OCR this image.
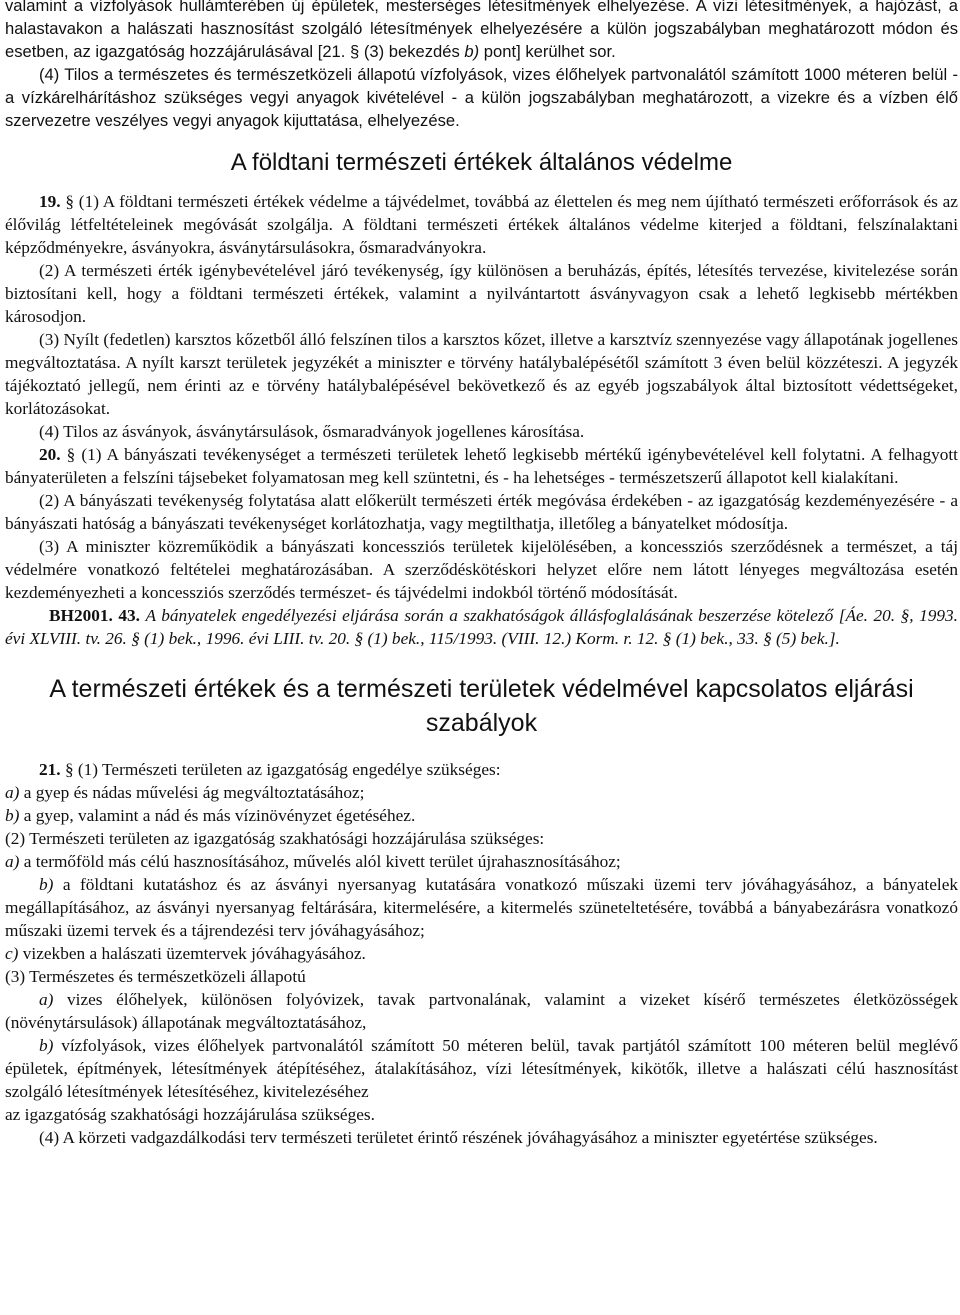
valamint a vízfolyások hullámterében új épületek, mesterséges létesítmények elhelyezése. A vízi létesítmények, a hajózást, a halastavakon a halászati hasznosítást szolgáló létesítmények elhelyezésére a külön jogszabályban meghatározott módon és esetben, az igazgatóság hozzájárulásával [21. § (3) bekezdés b) pont] kerülhet sor.

(4) Tilos a természetes és természetközeli állapotú vízfolyások, vizes élőhelyek partvonalától számított 1000 méteren belül - a vízkárelhárításhoz szükséges vegyi anyagok kivételével - a külön jogszabályban meghatározott, a vizekre és a vízben élő szervezetre veszélyes vegyi anyagok kijuttatása, elhelyezése.

A földtani természeti értékek általános védelme

19. § (1) A földtani természeti értékek védelme a tájvédelmet, továbbá az élettelen és meg nem újítható természeti erőforrások és az élővilág létfeltételeinek megóvását szolgálja. A földtani természeti értékek általános védelme kiterjed a földtani, felszínalaktani képződményekre, ásványokra, ásványtársulásokra, ősmaradványokra.

(2) A természeti érték igénybevételével járó tevékenység, így különösen a beruházás, építés, létesítés tervezése, kivitelezése során biztosítani kell, hogy a földtani természeti értékek, valamint a nyilvántartott ásványvagyon csak a lehető legkisebb mértékben károsodjon.

(3) Nyílt (fedetlen) karsztos kőzetből álló felszínen tilos a karsztos kőzet, illetve a karsztvíz szennyezése vagy állapotának jogellenes megváltoztatása. A nyílt karszt területek jegyzékét a miniszter e törvény hatálybalépésétől számított 3 éven belül közzéteszi. A jegyzék tájékoztató jellegű, nem érinti az e törvény hatálybalépésével bekövetkező és az egyéb jogszabályok által biztosított védettségeket, korlátozásokat.

(4) Tilos az ásványok, ásványtársulások, ősmaradványok jogellenes károsítása.

20. § (1) A bányászati tevékenységet a természeti területek lehető legkisebb mértékű igénybevételével kell folytatni. A felhagyott bányaterületen a felszíni tájsebeket folyamatosan meg kell szüntetni, és - ha lehetséges - természetszerű állapotot kell kialakítani.

(2) A bányászati tevékenység folytatása alatt előkerült természeti érték megóvása érdekében - az igazgatóság kezdeményezésére - a bányászati hatóság a bányászati tevékenységet korlátozhatja, vagy megtilthatja, illetőleg a bányatelket módosítja.

(3) A miniszter közreműködik a bányászati koncessziós területek kijelölésében, a koncessziós szerződésnek a természet, a táj védelmére vonatkozó feltételei meghatározásában. A szerződéskötéskori helyzet előre nem látott lényeges megváltozása esetén kezdeményezheti a koncessziós szerződés természet- és tájvédelmi indokból történő módosítását.

BH2001. 43. A bányatelek engedélyezési eljárása során a szakhatóságok állásfoglalásának beszerzése kötelező [Áe. 20. §, 1993. évi XLVIII. tv. 26. § (1) bek., 1996. évi LIII. tv. 20. § (1) bek., 115/1993. (VIII. 12.) Korm. r. 12. § (1) bek., 33. § (5) bek.].

A természeti értékek és a természeti területek védelmével kapcsolatos eljárási szabályok

21. § (1) Természeti területen az igazgatóság engedélye szükséges:

a) a gyep és nádas művelési ág megváltoztatásához;

b) a gyep, valamint a nád és más vízinövényzet égetéséhez.

(2) Természeti területen az igazgatóság szakhatósági hozzájárulása szükséges:

a) a termőföld más célú hasznosításához, művelés alól kivett terület újrahasznosításához;

b) a földtani kutatáshoz és az ásványi nyersanyag kutatására vonatkozó műszaki üzemi terv jóváhagyásához, a bányatelek megállapításához, az ásványi nyersanyag feltárására, kitermelésére, a kitermelés szüneteltetésére, továbbá a bányabezárásra vonatkozó műszaki üzemi tervek és a tájrendezési terv jóváhagyásához;

c) vizekben a halászati üzemtervek jóváhagyásához.

(3) Természetes és természetközeli állapotú

a) vizes élőhelyek, különösen folyóvizek, tavak partvonalának, valamint a vizeket kísérő természetes életközösségek (növénytársulások) állapotának megváltoztatásához,

b) vízfolyások, vizes élőhelyek partvonalától számított 50 méteren belül, tavak partjától számított 100 méteren belül meglévő épületek, építmények, létesítmények átépítéséhez, átalakításához, vízi létesítmények, kikötők, illetve a halászati célú hasznosítást szolgáló létesítmények létesítéséhez, kivitelezéséhez

az igazgatóság szakhatósági hozzájárulása szükséges.

(4) A körzeti vadgazdálkodási terv természeti területet érintő részének jóváhagyásához a miniszter egyetértése szükséges.
